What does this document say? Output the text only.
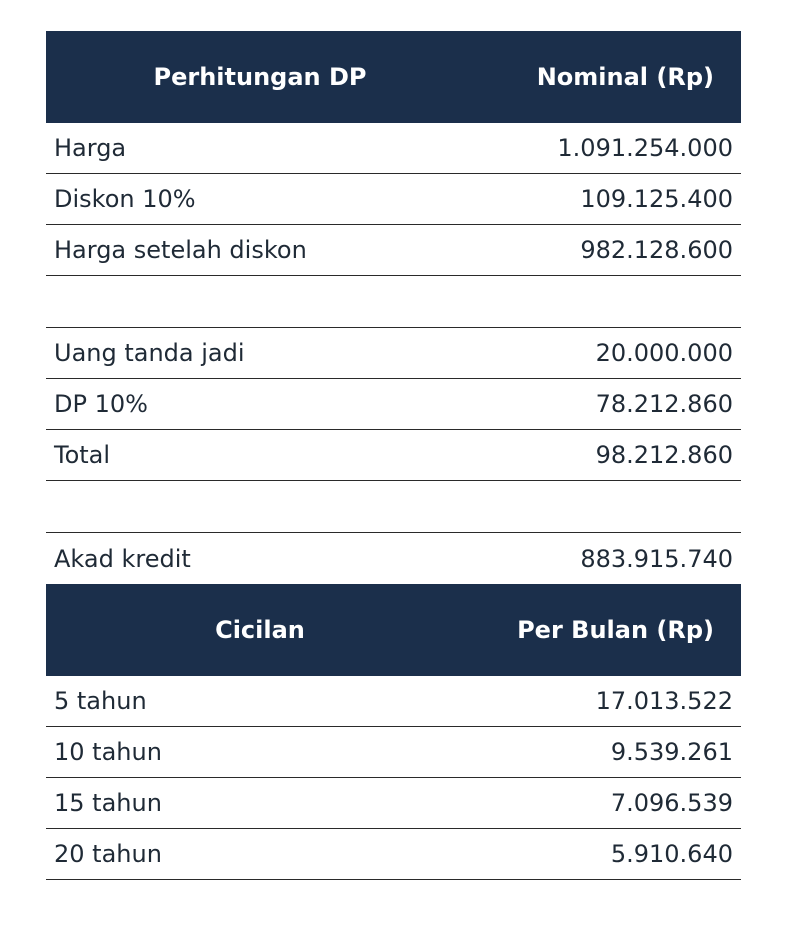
Perhitungan DP	Nominal (Rp)
Harga	1.091.254.000
Diskon 10%	109.125.400
Harga setelah diskon	982.128.600
Uang tanda jadi	20.000.000
DP 10%	78.212.860
Total	98.212.860
Akad kredit	883.915.740
Cicilan	Per Bulan (Rp)
5 tahun	17.013.522
10 tahun	9.539.261
15 tahun	7.096.539
20 tahun	5.910.640
